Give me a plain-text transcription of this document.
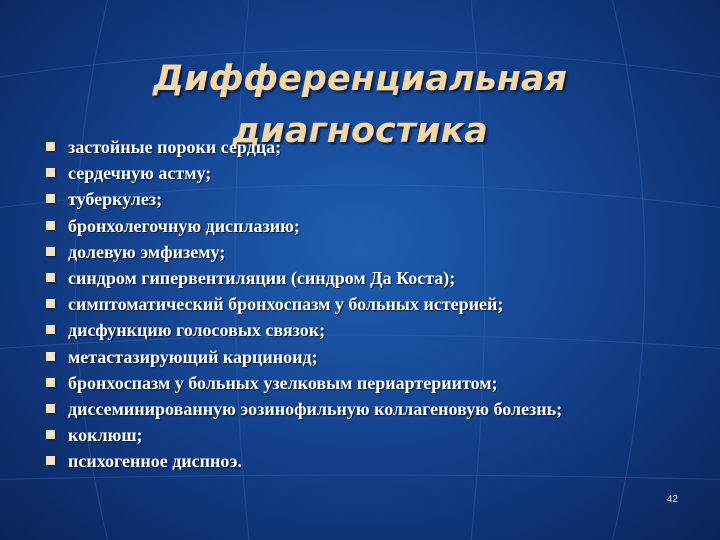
Дифференциальная
диагностика
застойные пороки сердца;
сердечную астму;
туберкулез;
бронхолегочную дисплазию;
долевую эмфизему;
синдром гипервентиляции (синдром Да Коста);
симптоматический бронхоспазм у больных истерией;
дисфункцию голосовых связок;
метастазирующий карциноид;
бронхоспазм у больных узелковым периартериитом;
диссеминированную эозинофильную коллагеновую болезнь;
коклюш;
психогенное диспноэ.
42
